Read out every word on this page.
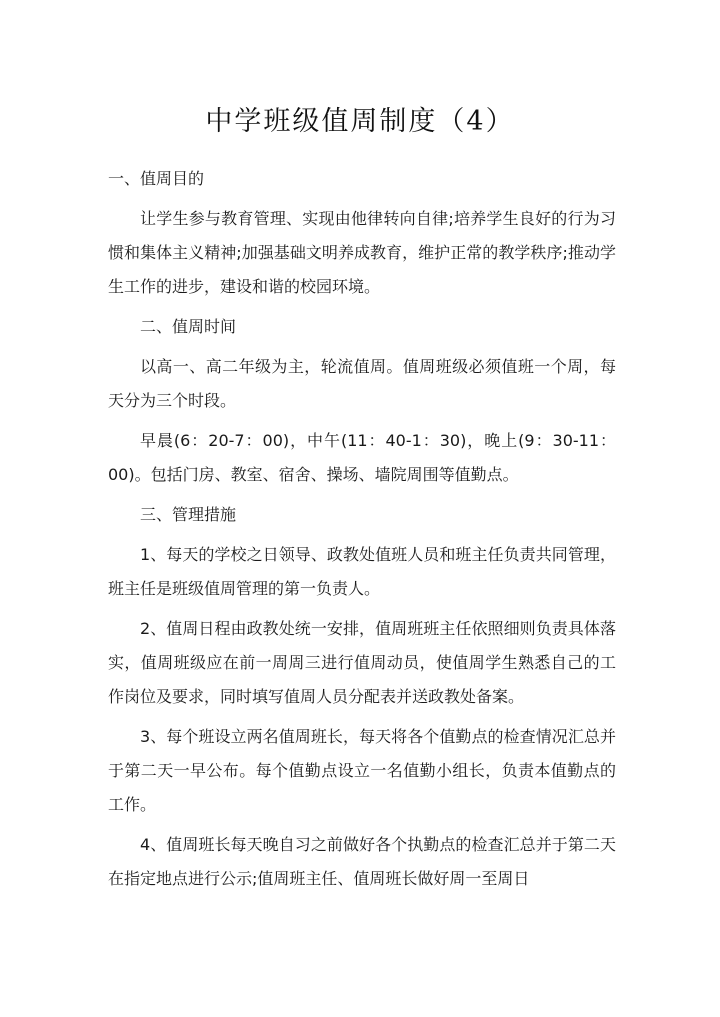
中学班级值周制度（4）

一、值周目的

让学生参与教育管理、实现由他律转向自律;培养学生良好的行为习惯和集体主义精神;加强基础文明养成教育，维护正常的教学秩序;推动学生工作的进步，建设和谐的校园环境。

二、值周时间

以高一、高二年级为主，轮流值周。值周班级必须值班一个周，每天分为三个时段。

早晨(6：20-7：00)，中午(11：40-1：30)，晚上(9：30-11：00)。包括门房、教室、宿舍、操场、墙院周围等值勤点。

三、管理措施

1、每天的学校之日领导、政教处值班人员和班主任负责共同管理，班主任是班级值周管理的第一负责人。

2、值周日程由政教处统一安排，值周班班主任依照细则负责具体落实，值周班级应在前一周周三进行值周动员，使值周学生熟悉自己的工作岗位及要求，同时填写值周人员分配表并送政教处备案。

3、每个班设立两名值周班长，每天将各个值勤点的检查情况汇总并于第二天一早公布。每个值勤点设立一名值勤小组长，负责本值勤点的工作。

4、值周班长每天晚自习之前做好各个执勤点的检查汇总并于第二天在指定地点进行公示;值周班主任、值周班长做好周一至周日
